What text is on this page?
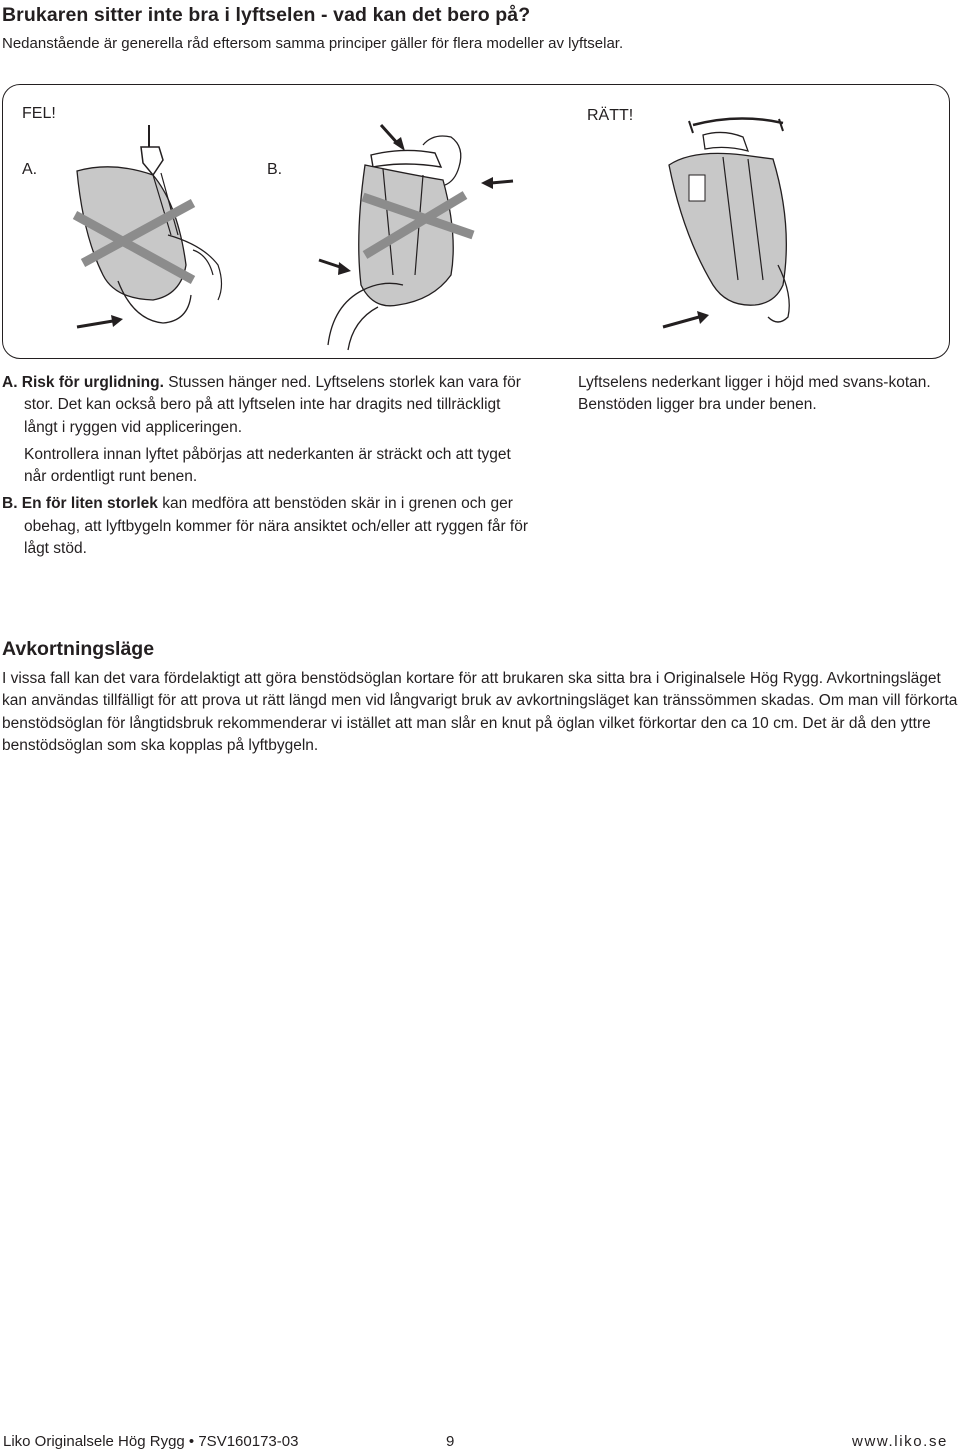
Brukaren sitter inte bra i lyftselen - vad kan det bero på?
Nedanstående är generella råd eftersom samma principer gäller för flera modeller av lyftselar.
FEL!
A.	B.
RÄTT!

A. Risk för urglidning. Stussen hänger ned. Lyftselens storlek kan vara för stor. Det kan också bero på att lyftselen inte har dragits ned tillräckligt långt i ryggen vid appliceringen.

Kontrollera innan lyftet påbörjas att nederkanten är sträckt och att tyget når ordentligt runt benen.

B. En för liten storlek kan medföra att benstöden skär in i grenen och ger obehag, att lyftbygeln kommer för nära ansiktet och/eller att ryggen får för lågt stöd.

Lyftselens nederkant ligger i höjd med svans-kotan. Benstöden ligger bra under benen.
Avkortningsläge
I vissa fall kan det vara fördelaktigt att göra benstödsöglan kortare för att brukaren ska sitta bra i Originalsele Hög Rygg. Avkortningsläget kan användas tillfälligt för att prova ut rätt längd men vid långvarigt bruk av avkortningsläget kan tränssömmen skadas. Om man vill förkorta benstödsöglan för långtidsbruk rekommenderar vi istället att man slår en knut på öglan vilket förkortar den ca 10 cm. Det är då den yttre benstödsöglan som ska kopplas på lyftbygeln.
Liko Originalsele Hög Rygg • 7SV160173-03	9	www.liko.se
